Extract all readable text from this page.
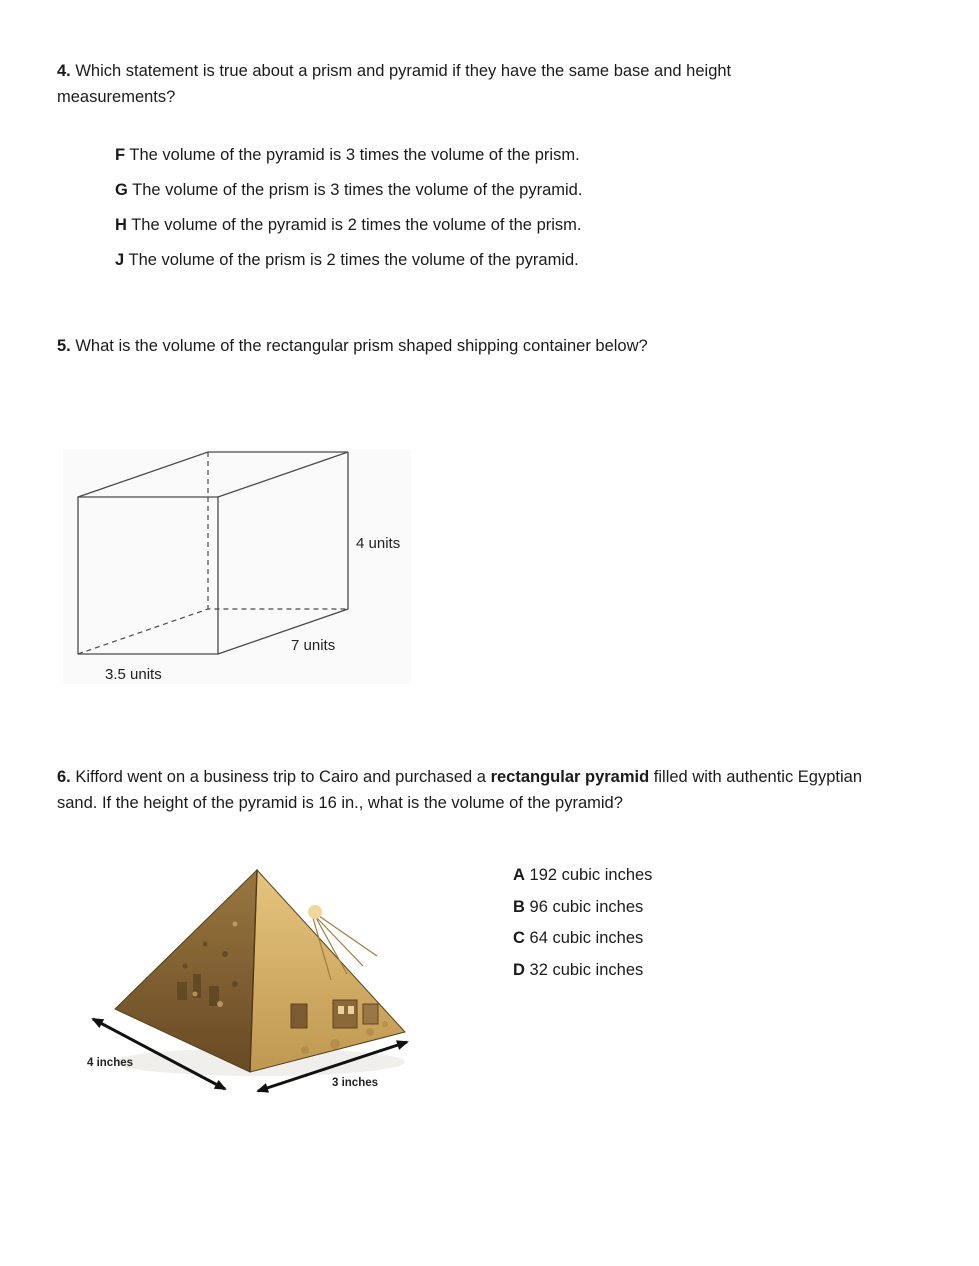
4. Which statement is true about a prism and pyramid if they have the same base and height measurements?

F The volume of the pyramid is 3 times the volume of the prism.
G The volume of the prism is 3 times the volume of the pyramid.
H The volume of the pyramid is 2 times the volume of the prism.
J The volume of the prism is 2 times the volume of the pyramid.

5. What is the volume of the rectangular prism shaped shipping container below?

4 units
7 units
3.5 units

6. Kifford went on a business trip to Cairo and purchased a rectangular pyramid filled with authentic Egyptian sand. If the height of the pyramid is 16 in., what is the volume of the pyramid?

4 inches
3 inches
A 192 cubic inches
B 96 cubic inches
C 64 cubic inches
D 32 cubic inches
